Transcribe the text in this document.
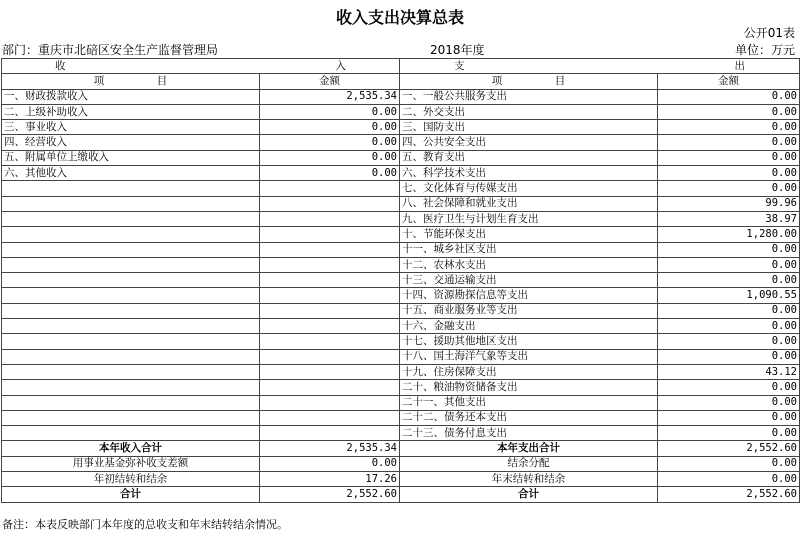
收入支出决算总表
公开01表
部门：重庆市北碚区安全生产监督管理局	2018年度	单位：万元
收 入		支 出	
项 目	金额	项 目	金额
一、财政拨款收入	2,535.34	一、一般公共服务支出	0.00
二、上级补助收入	0.00	二、外交支出	0.00
三、事业收入	0.00	三、国防支出	0.00
四、经营收入	0.00	四、公共安全支出	0.00
五、附属单位上缴收入	0.00	五、教育支出	0.00
六、其他收入	0.00	六、科学技术支出	0.00
		七、文化体育与传媒支出	0.00
		八、社会保障和就业支出	99.96
		九、医疗卫生与计划生育支出	38.97
		十、节能环保支出	1,280.00
		十一、城乡社区支出	0.00
		十二、农林水支出	0.00
		十三、交通运输支出	0.00
		十四、资源勘探信息等支出	1,090.55
		十五、商业服务业等支出	0.00
		十六、金融支出	0.00
		十七、援助其他地区支出	0.00
		十八、国土海洋气象等支出	0.00
		十九、住房保障支出	43.12
		二十、粮油物资储备支出	0.00
		二十一、其他支出	0.00
		二十二、债务还本支出	0.00
		二十三、债务付息支出	0.00
本年收入合计	2,535.34	本年支出合计	2,552.60
用事业基金弥补收支差额	0.00	结余分配	0.00
年初结转和结余	17.26	年末结转和结余	0.00
合计	2,552.60	合计	2,552.60
备注：本表反映部门本年度的总收支和年末结转结余情况。
